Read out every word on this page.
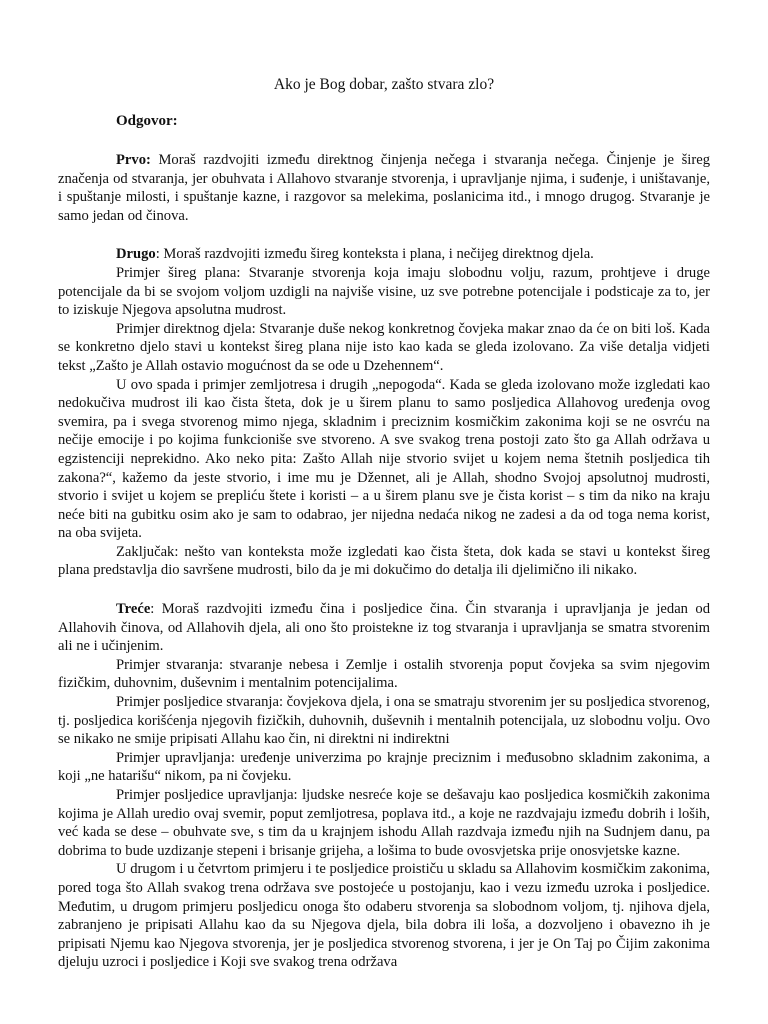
Ako je Bog dobar, zašto stvara zlo?
Odgovor:

Prvo: Moraš razdvojiti između direktnog činjenja nečega i stvaranja nečega. Činjenje je šireg značenja od stvaranja, jer obuhvata i Allahovo stvaranje stvorenja, i upravljanje njima, i suđenje, i uništavanje, i spuštanje milosti, i spuštanje kazne, i razgovor sa melekima, poslanicima itd., i mnogo drugog. Stvaranje je samo jedan od činova.

Drugo: Moraš razdvojiti između šireg konteksta i plana, i nečijeg direktnog djela.

Primjer šireg plana: Stvaranje stvorenja koja imaju slobodnu volju, razum, prohtjeve i druge potencijale da bi se svojom voljom uzdigli na najviše visine, uz sve potrebne potencijale i podsticaje za to, jer to iziskuje Njegova apsolutna mudrost.

Primjer direktnog djela: Stvaranje duše nekog konkretnog čovjeka makar znao da će on biti loš. Kada se konkretno djelo stavi u kontekst šireg plana nije isto kao kada se gleda izolovano. Za više detalja vidjeti tekst „Zašto je Allah ostavio mogućnost da se ode u Dzehennem“.

U ovo spada i primjer zemljotresa i drugih „nepogoda“. Kada se gleda izolovano može izgledati kao nedokučiva mudrost ili kao čista šteta, dok je u širem planu to samo posljedica Allahovog uređenja ovog svemira, pa i svega stvorenog mimo njega, skladnim i preciznim kosmičkim zakonima koji se ne osvrću na nečije emocije i po kojima funkcionišе sve stvoreno. A sve svakog trena postoji zato što ga Allah održava u egzistenciji neprekidno. Ako neko pita: Zašto Allah nije stvorio svijet u kojem nema štetnih posljedica tih zakona?“, kažemo da jeste stvorio, i ime mu je Džennet, ali je Allah, shodno Svojoj apsolutnoj mudrosti, stvorio i svijet u kojem se prepliću štete i koristi – a u širem planu sve je čista korist – s tim da niko na kraju neće biti na gubitku osim ako je sam to odabrao, jer nijedna nedaća nikog ne zadesi a da od toga nema korist, na oba svijeta.

Zaključak: nešto van konteksta može izgledati kao čista šteta, dok kada se stavi u kontekst šireg plana predstavlja dio savršene mudrosti, bilo da je mi dokučimo do detalja ili djelimično ili nikako.

Treće: Moraš razdvojiti između čina i posljedice čina. Čin stvaranja i upravljanja je jedan od Allahovih činova, od Allahovih djela, ali ono što proistekne iz tog stvaranja i upravljanja se smatra stvorenim ali ne i učinjenim.

Primjer stvaranja: stvaranje nebesa i Zemlje i ostalih stvorenja poput čovjeka sa svim njegovim fizičkim, duhovnim, duševnim i mentalnim potencijalima.

Primjer posljedice stvaranja: čovjekova djela, i ona se smatraju stvorenim jer su posljedica stvorenog, tj. posljedica korišćenja njegovih fizičkih, duhovnih, duševnih i mentalnih potencijala, uz slobodnu volju. Ovo se nikako ne smije pripisati Allahu kao čin, ni direktni ni indirektni

Primjer upravljanja: uređenje univerzima po krajnje preciznim i međusobno skladnim zakonima, a koji „ne hatarišu“ nikom, pa ni čovjeku.

Primjer posljedice upravljanja: ljudske nesreće koje se dešavaju kao posljedica kosmičkih zakonima kojima je Allah uredio ovaj svemir, poput zemljotresa, poplava itd., a koje ne razdvajaju između dobrih i loših, već kada se dese – obuhvate sve, s tim da u krajnjem ishodu Allah razdvaja između njih na Sudnjem danu, pa dobrima to bude uzdizanje stepeni i brisanje grijeha, a lošima to bude ovosvjetska prije onosvjetske kazne.

U drugom i u četvrtom primjeru i te posljedice proističu u skladu sa Allahovim kosmičkim zakonima, pored toga što Allah svakog trena održava sve postojeće u postojanju, kao i vezu između uzroka i posljedice. Međutim, u drugom primjeru posljedicu onoga što odaberu stvorenja sa slobodnom voljom, tj. njihova djela, zabranjeno je pripisati Allahu kao da su Njegova djela, bila dobra ili loša, a dozvoljeno i obavezno ih je pripisati Njemu kao Njegova stvorenja, jer je posljedica stvorenog stvorena, i jer je On Taj po Čijim zakonima djeluju uzroci i posljedice i Koji sve svakog trena održava
